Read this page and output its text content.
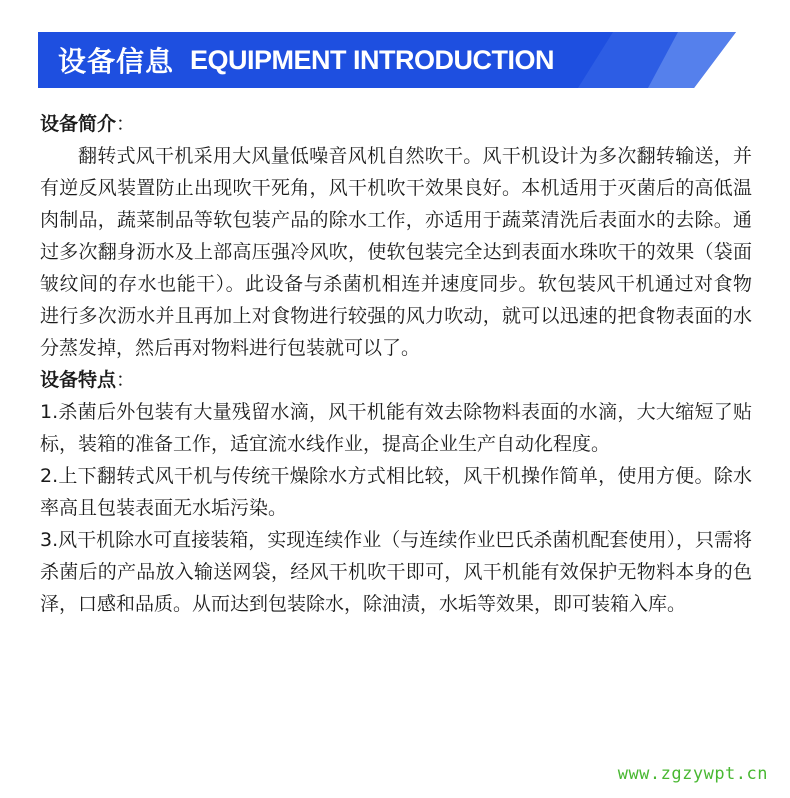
设备信息 EQUIPMENT INTRODUCTION

设备简介：

翻转式风干机采用大风量低噪音风机自然吹干。风干机设计为多次翻转输送，并有逆反风装置防止出现吹干死角，风干机吹干效果良好。本机适用于灭菌后的高低温肉制品，蔬菜制品等软包装产品的除水工作，亦适用于蔬菜清洗后表面水的去除。通过多次翻身沥水及上部高压强冷风吹，使软包装完全达到表面水珠吹干的效果（袋面皱纹间的存水也能干）。此设备与杀菌机相连并速度同步。软包装风干机通过对食物进行多次沥水并且再加上对食物进行较强的风力吹动，就可以迅速的把食物表面的水分蒸发掉，然后再对物料进行包装就可以了。

设备特点：

1.杀菌后外包装有大量残留水滴，风干机能有效去除物料表面的水滴，大大缩短了贴标，装箱的准备工作，适宜流水线作业，提高企业生产自动化程度。

2.上下翻转式风干机与传统干燥除水方式相比较，风干机操作简单，使用方便。除水率高且包装表面无水垢污染。

3.风干机除水可直接装箱，实现连续作业（与连续作业巴氏杀菌机配套使用），只需将杀菌后的产品放入输送网袋，经风干机吹干即可，风干机能有效保护无物料本身的色泽，口感和品质。从而达到包装除水，除油渍，水垢等效果，即可装箱入库。

www.zgzywpt.cn
